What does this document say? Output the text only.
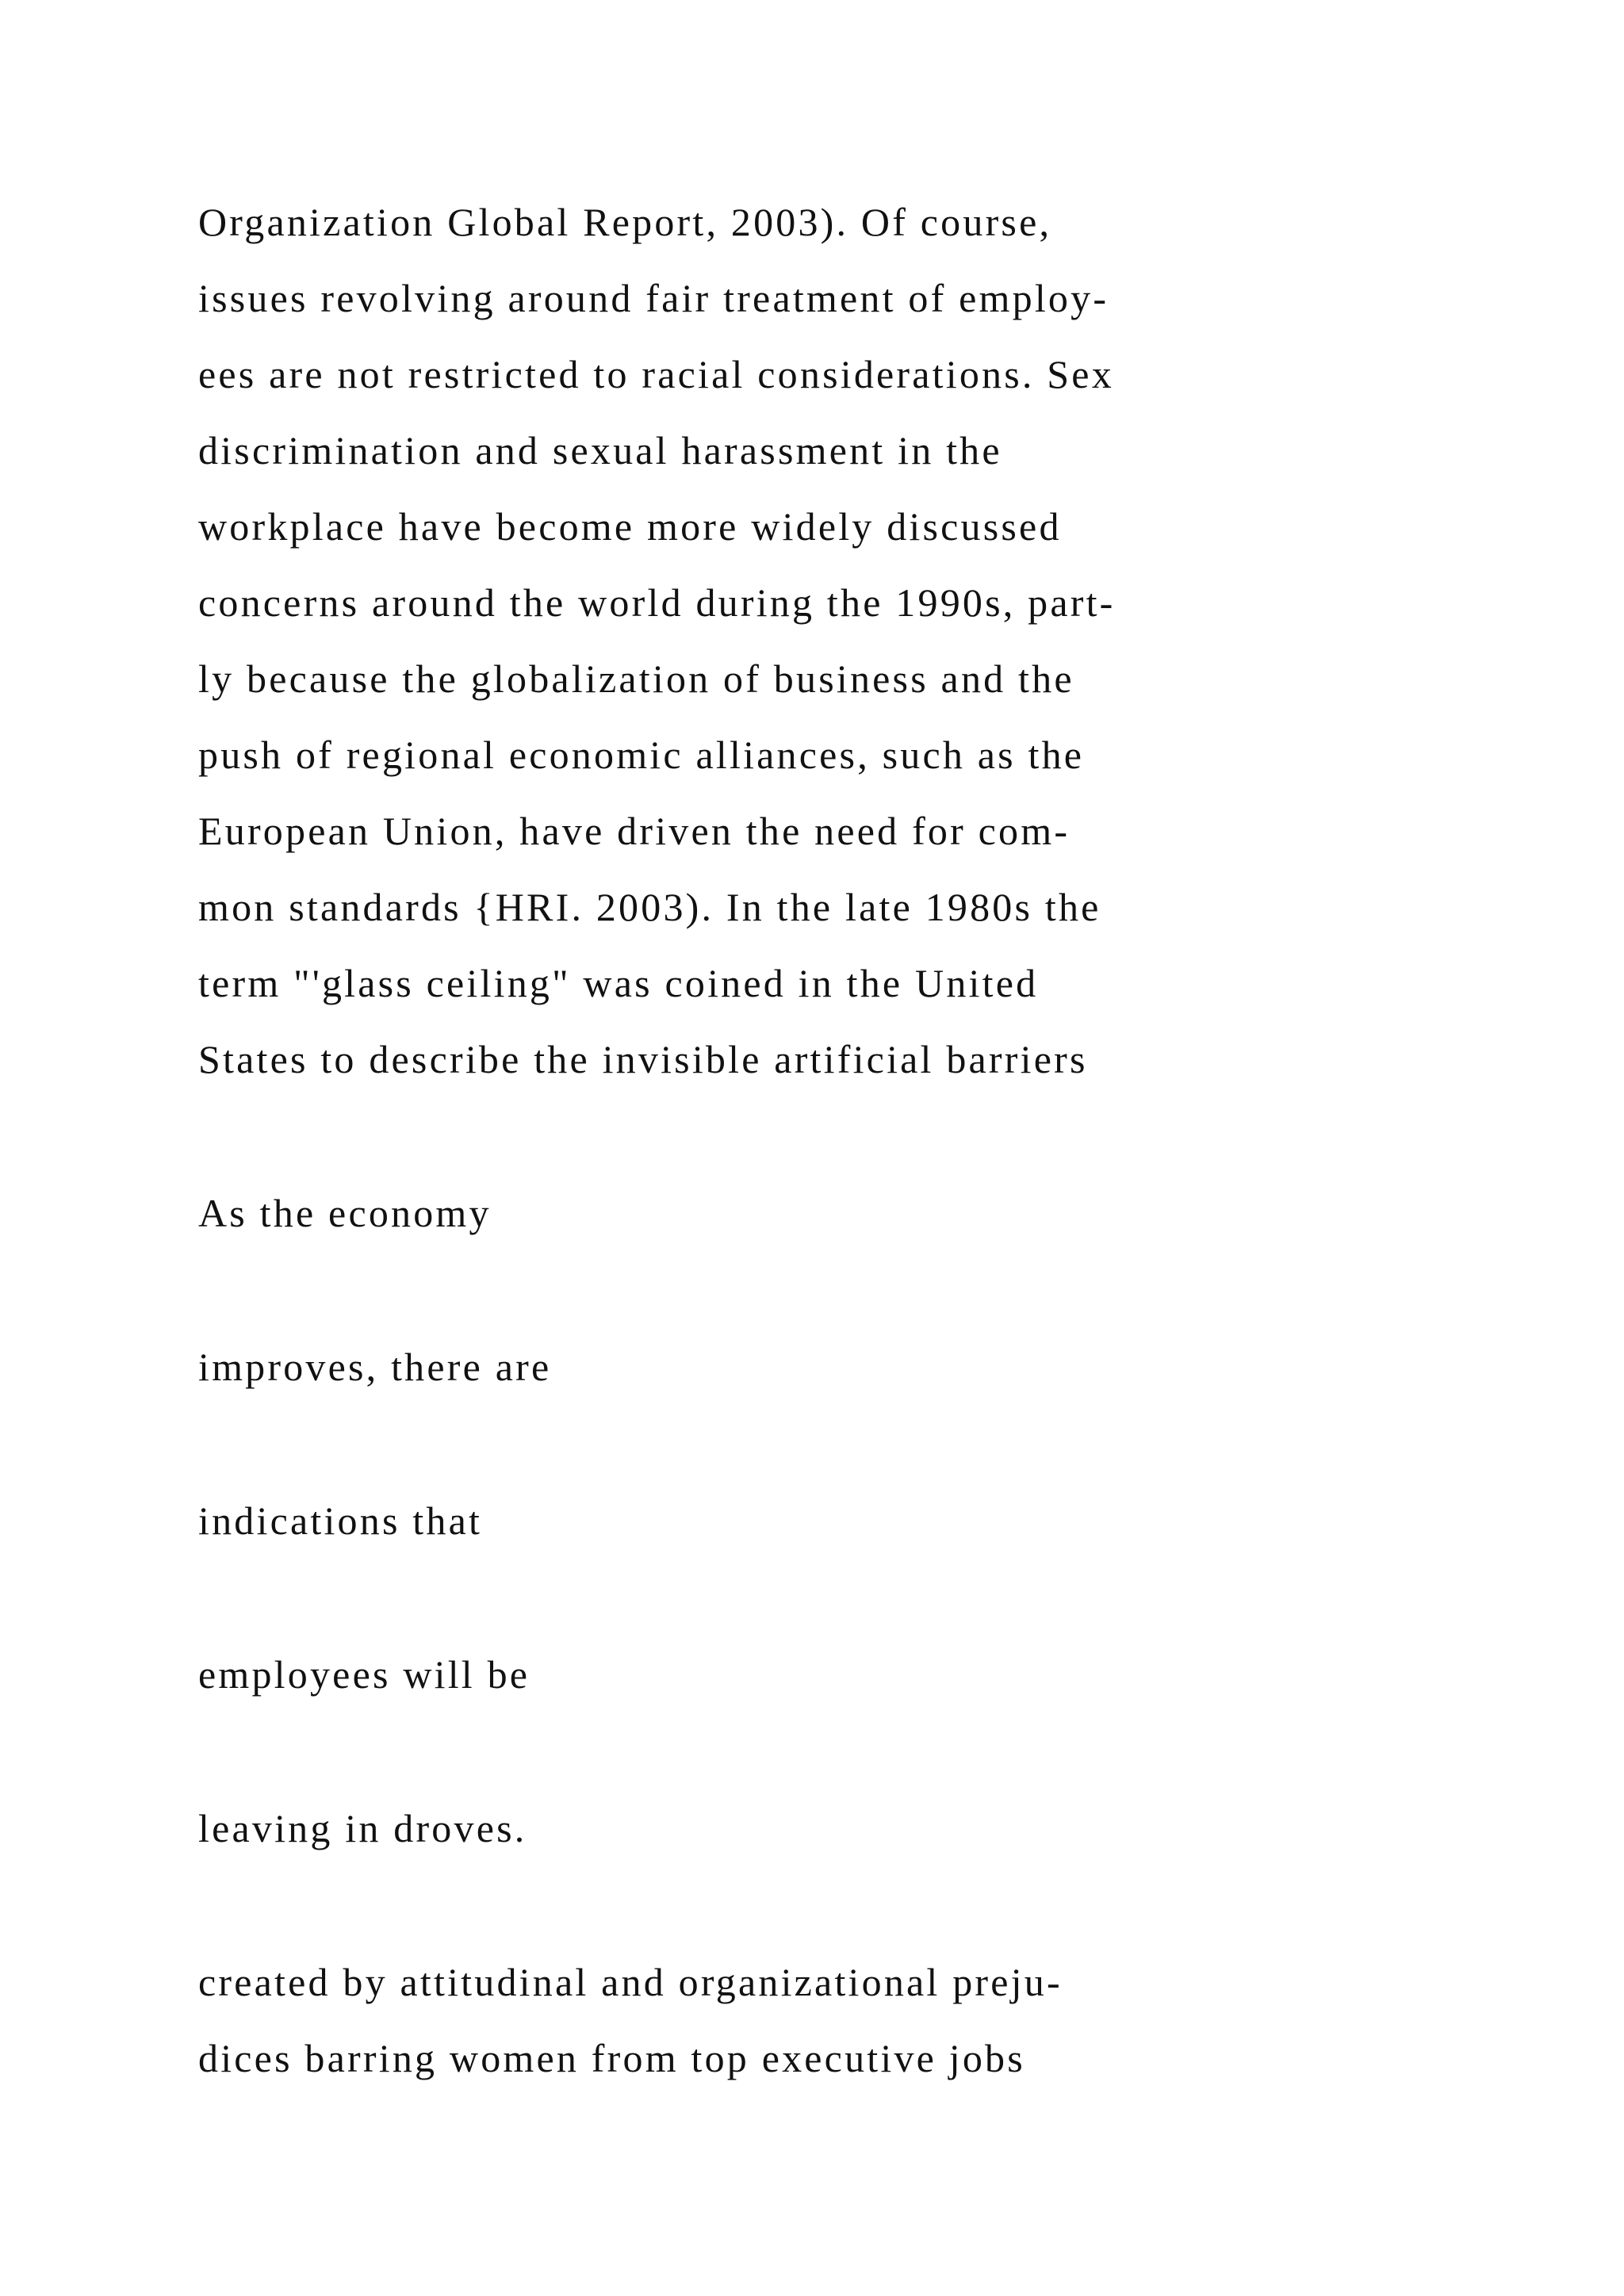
Organization Global Report, 2003). Of course,

issues revolving around fair treatment of employ-

ees are not restricted to racial considerations. Sex

discrimination and sexual harassment in the

workplace have become more widely discussed

concerns around the world during the 1990s, part-

ly because the globalization of business and the

push of regional economic alliances, such as the

European Union, have driven the need for com-

mon standards {HRI. 2003). In the late 1980s the

term "'glass ceiling" was coined in the United

States to describe the invisible artificial barriers

As the economy

improves, there are

indications that

employees will be

leaving in droves.

created by attitudinal and organizational preju-

dices barring women from top executive jobs
